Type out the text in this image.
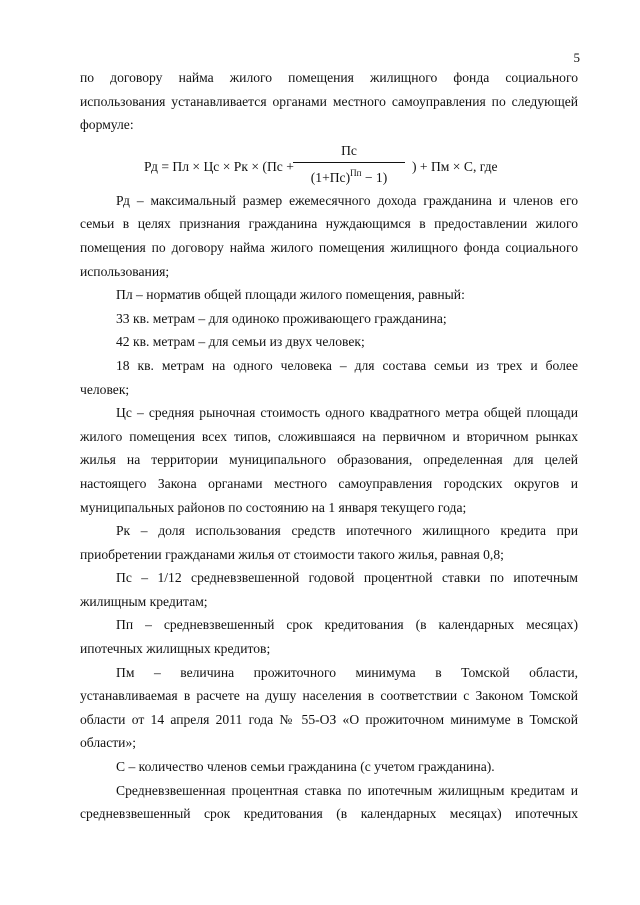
5
по договору найма жилого помещения жилищного фонда социального
использования устанавливается органами местного самоуправления по следующей
формуле:
Рд = Пл × Цс × Рк × (Пс +
Пс
$(1+Пс)^{Пп} - 1$)
) + Пм × С, где
Рд – максимальный размер ежемесячного дохода гражданина и членов его
семьи в целях признания гражданина нуждающимся в предоставлении жилого
помещения по договору найма жилого помещения жилищного фонда социального
использования;
Пл – норматив общей площади жилого помещения, равный:
33 кв. метрам – для одиноко проживающего гражданина;
42 кв. метрам – для семьи из двух человек;
18 кв. метрам на одного человека – для состава семьи из трех и более
человек;
Цс – средняя рыночная стоимость одного квадратного метра общей площади
жилого помещения всех типов, сложившаяся на первичном и вторичном рынках
жилья на территории муниципального образования, определенная для целей
настоящего Закона органами местного самоуправления городских округов и
муниципальных районов по состоянию на 1 января текущего года;
Рк – доля использования средств ипотечного жилищного кредита при
приобретении гражданами жилья от стоимости такого жилья, равная 0,8;
Пс – 1/12 средневзвешенной годовой процентной ставки по ипотечным
жилищным кредитам;
Пп – средневзвешенный срок кредитования (в календарных месяцах)
ипотечных жилищных кредитов;
Пм – величина прожиточного минимума в Томской области,
устанавливаемая в расчете на душу населения в соответствии с Законом Томской
области от 14 апреля 2011 года № 55-ОЗ «О прожиточном минимуме в Томской
области»;
С – количество членов семьи гражданина (с учетом гражданина).
Средневзвешенная процентная ставка по ипотечным жилищным кредитам и
средневзвешенный срок кредитования (в календарных месяцах) ипотечных
